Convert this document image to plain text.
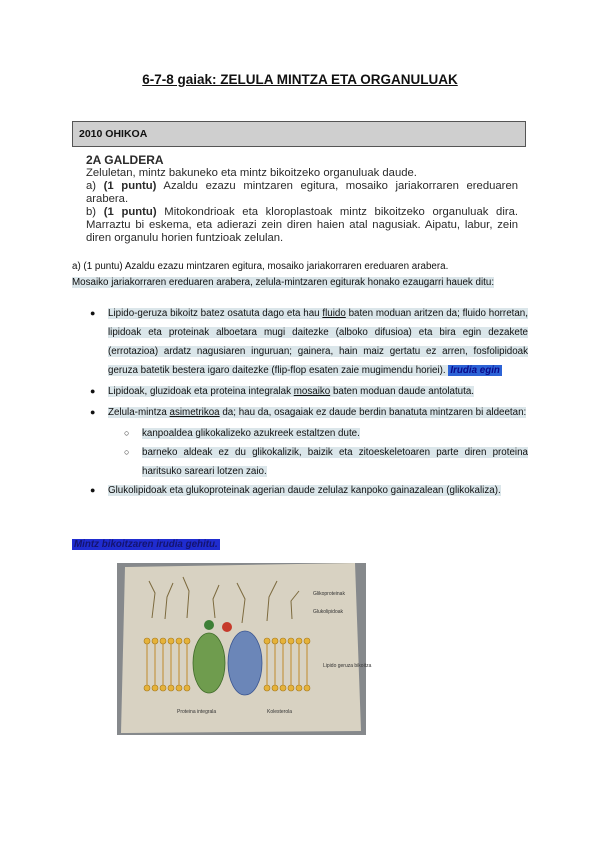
6-7-8 gaiak: ZELULA MINTZA ETA ORGANULUAK
2010 OHIKOA

2A GALDERA

Zeluletan, mintz bakuneko eta mintz bikoitzeko organuluak daude.

a) (1 puntu) Azaldu ezazu mintzaren egitura, mosaiko jariakorraren ereduaren arabera.

b) (1 puntu) Mitokondrioak eta kloroplastoak mintz bikoitzeko organuluak dira. Marraztu bi eskema, eta adierazi zein diren haien atal nagusiak. Aipatu, labur, zein diren organulu horien funtzioak zelulan.

a) (1 puntu) Azaldu ezazu mintzaren egitura, mosaiko jariakorraren ereduaren arabera.
Mosaiko jariakorraren ereduaren arabera, zelula-mintzaren egiturak honako ezaugarri hauek ditu:
● Lipido-geruza bikoitz batez osatuta dago eta hau fluido baten moduan aritzen da; fluido horretan, lipidoak eta proteinak alboetara mugi daitezke (alboko difusioa) eta bira egin dezakete (errotazioa) ardatz nagusiaren inguruan; gainera, hain maiz gertatu ez arren, fosfolipidoak geruza batetik bestera igaro daitezke (flip-flop esaten zaie mugimendu horiei). Irudia egin
● Lipidoak, gluzidoak eta proteina integralak mosaiko baten moduan daude antolatuta.
● Zelula-mintza asimetrikoa da; hau da, osagaiak ez daude berdin banatuta mintzaren bi aldeetan:
○ kanpoaldea glikokalizeko azukreek estaltzen dute.
○ barneko aldeak ez du glikokalizik, baizik eta zitoeskeletoaren parte diren proteina haritsuko sareari lotzen zaio.
● Glukolipidoak eta glukoproteinak agerian daude zelulaz kanpoko gainazalean (glikokaliza).
Mintz bikoitzaren irudia gehitu.
Glikoproteinak
Glukolipidoak
Lipido geruza bikoitza
Proteina integrala	Kolesterola
